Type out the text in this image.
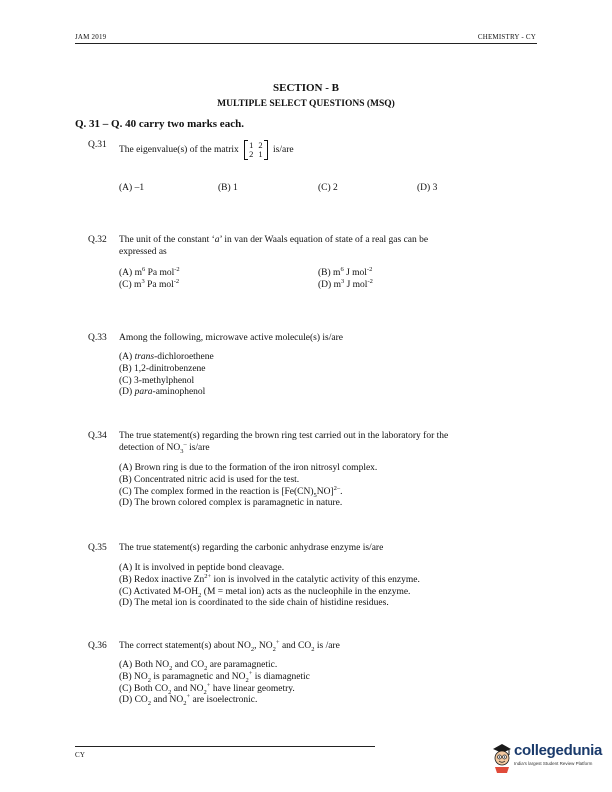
JAM 2019	CHEMISTRY - CY
SECTION - B
MULTIPLE SELECT QUESTIONS (MSQ)
Q. 31 – Q. 40 carry two marks each.
Q.31
The eigenvalue(s) of the matrix
1 2
2 1 is/are
(A) –1	(B) 1	(C) 2	(D) 3
Q.32 The unit of the constant ‘a’ in van der Waals equation of state of a real gas can be
expressed as
(A) $m^6$ Pa mol$^{-2}$	(B) $m^6$ J mol$^{-2}$
(C) $m^3$ Pa mol$^{-2}$	(D) $m^3$ J mol$^{-2}$
Q.33 Among the following, microwave active molecule(s) is/are
(A) trans-dichloroethene
(B) 1,2-dinitrobenzene
(C) 3-methylphenol
(D) para-aminophenol
Q.34 The true statement(s) regarding the brown ring test carried out in the laboratory for the
detection of $NO_3^-$ is/are
(A) Brown ring is due to the formation of the iron nitrosyl complex.
(B) Concentrated nitric acid is used for the test.
(C) The complex formed in the reaction is $[Fe(CN)_5NO]^{2-}$.
(D) The brown colored complex is paramagnetic in nature.
Q.35 The true statement(s) regarding the carbonic anhydrase enzyme is/are
(A) It is involved in peptide bond cleavage.
(B) Redox inactive $Zn^{2+}$ ion is involved in the catalytic activity of this enzyme.
(C) Activated $M-OH_2$ (M = metal ion) acts as the nucleophile in the enzyme.
(D) The metal ion is coordinated to the side chain of histidine residues.
Q.36 The correct statement(s) about $NO_2$, $NO_2^+$ and $CO_2$ is /are
(A) Both $NO_2$ and $CO_2$ are paramagnetic.
(B) $NO_2$ is paramagnetic and $NO_2^+$ is diamagnetic
(C) Both $CO_2$ and $NO_2^+$ have linear geometry.
(D) $CO_2$ and $NO_2^+$ are isoelectronic.
CY	collegedunia
India's largest Student Review Platform
